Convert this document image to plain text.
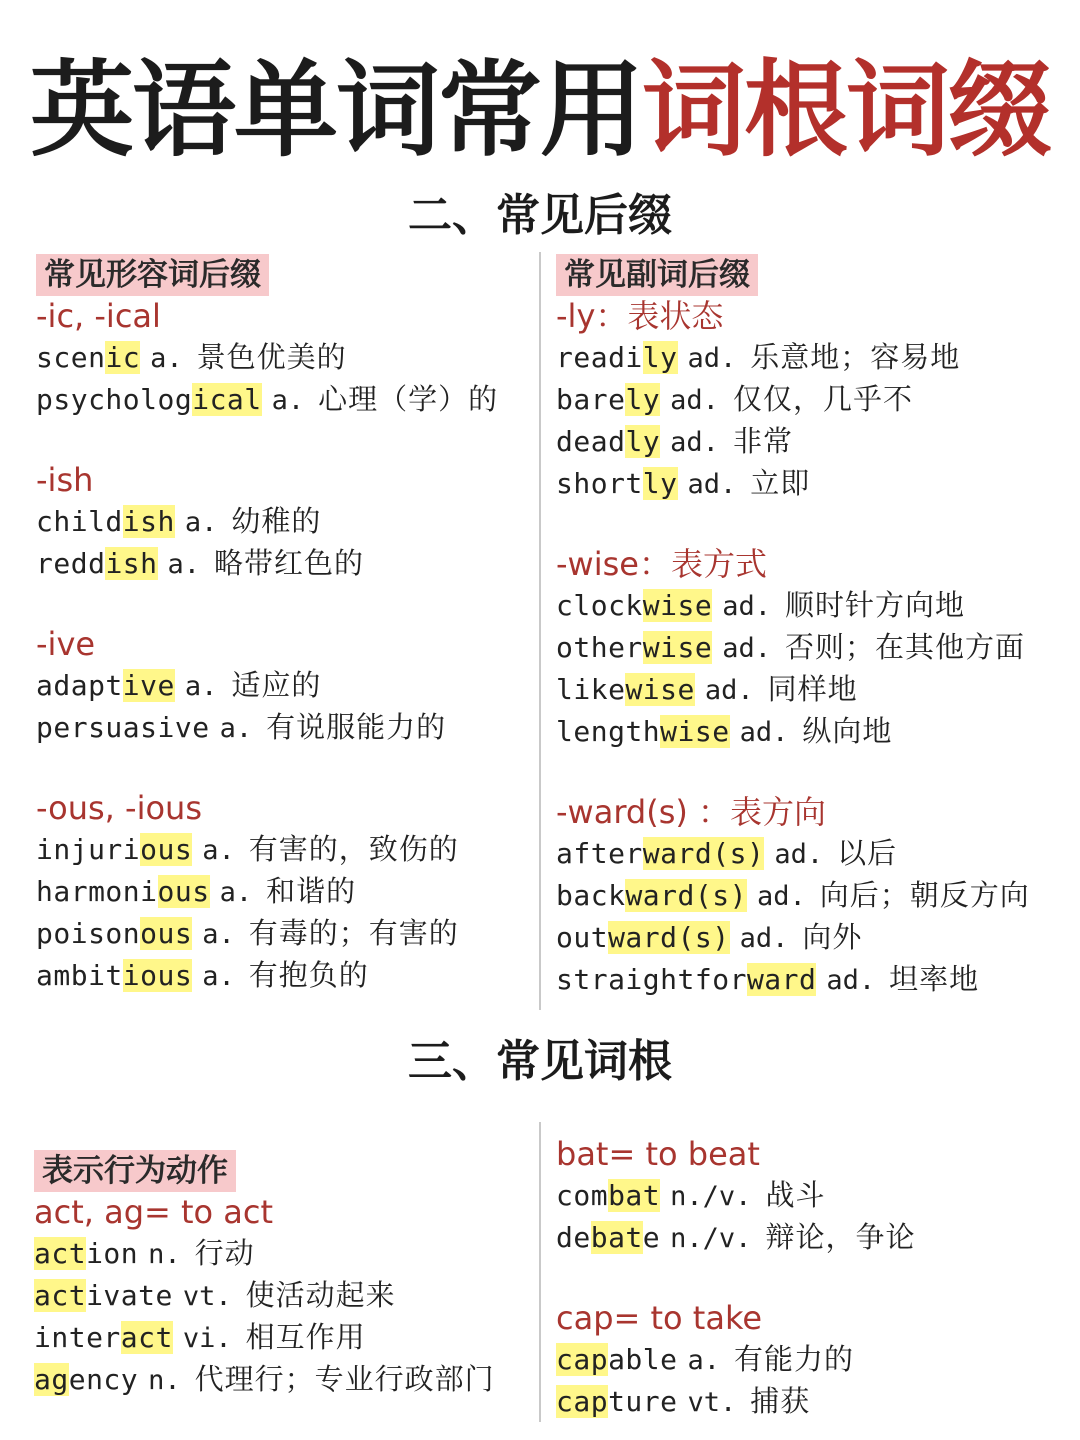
英语单词常用词根词缀
二、常见后缀
常见形容词后缀
-ic, -ical
scenic a. 景色优美的
psychological a. 心理（学）的
-ish
childish a. 幼稚的
reddish a. 略带红色的
-ive
adaptive a. 适应的
persuasive a. 有说服能力的
-ous, -ious
injurious a. 有害的，致伤的
harmonious a. 和谐的
poisonous a. 有毒的；有害的
ambitious a. 有抱负的
常见副词后缀
-ly：表状态
readily ad. 乐意地；容易地
barely ad. 仅仅，几乎不
deadly ad. 非常
shortly ad. 立即
-wise：表方式
clockwise ad. 顺时针方向地
otherwise ad. 否则；在其他方面
likewise ad. 同样地
lengthwise ad. 纵向地
-ward(s) ：表方向
afterward(s) ad. 以后
backward(s) ad. 向后；朝反方向
outward(s) ad. 向外
straightforward ad. 坦率地
三、常见词根
表示行为动作
act, ag= to act
action n. 行动
activate vt. 使活动起来
interact vi. 相互作用
agency n. 代理行；专业行政部门
bat= to beat
combat n./v. 战斗
debate n./v. 辩论，争论
cap= to take
capable a. 有能力的
capture vt. 捕获
